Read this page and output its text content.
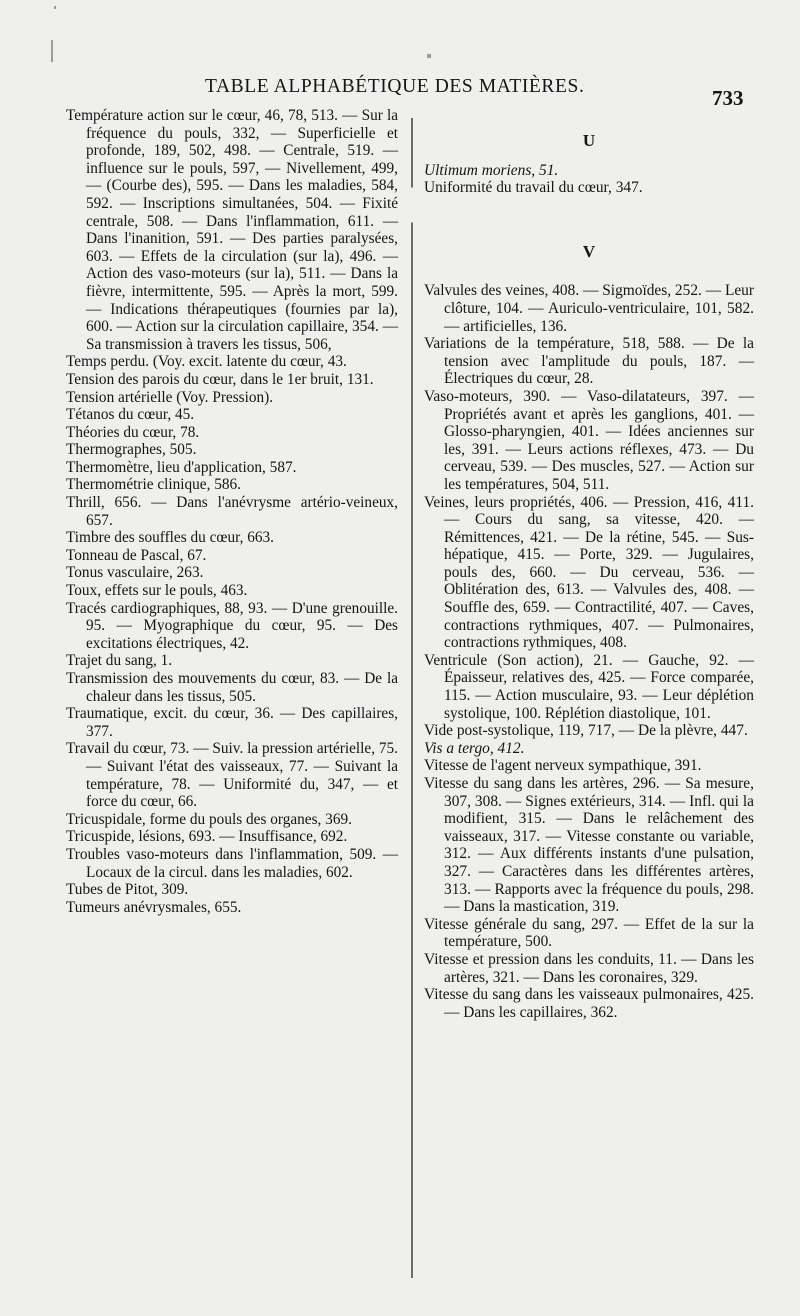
TABLE ALPHABÉTIQUE DES MATIÈRES.	733

Température action sur le cœur, 46, 78, 513. — Sur la fréquence du pouls, 332, — Superficielle et profonde, 189, 502, 498. — Centrale, 519. — influence sur le pouls, 597, — Nivellement, 499, — (Courbe des), 595. — Dans les maladies, 584, 592. — Inscriptions simultanées, 504. — Fixité centrale, 508. — Dans l'inflammation, 611. — Dans l'inanition, 591. — Des parties paralysées, 603. — Effets de la circulation (sur la), 496. — Action des vaso-moteurs (sur la), 511. — Dans la fièvre, intermittente, 595. — Après la mort, 599. — Indications thérapeutiques (fournies par la), 600. — Action sur la circulation capillaire, 354. — Sa transmission à travers les tissus, 506,

Temps perdu. (Voy. excit. latente du cœur, 43.

Tension des parois du cœur, dans le 1er bruit, 131.

Tension artérielle (Voy. Pression).

Tétanos du cœur, 45.

Théories du cœur, 78.

Thermographes, 505.

Thermomètre, lieu d'application, 587.

Thermométrie clinique, 586.

Thrill, 656. — Dans l'anévrysme artério-veineux, 657.

Timbre des souffles du cœur, 663.

Tonneau de Pascal, 67.

Tonus vasculaire, 263.

Toux, effets sur le pouls, 463.

Tracés cardiographiques, 88, 93. — D'une grenouille. 95. — Myographique du cœur, 95. — Des excitations électriques, 42.

Trajet du sang, 1.

Transmission des mouvements du cœur, 83. — De la chaleur dans les tissus, 505.

Traumatique, excit. du cœur, 36. — Des capillaires, 377.

Travail du cœur, 73. — Suiv. la pression artérielle, 75. — Suivant l'état des vaisseaux, 77. — Suivant la température, 78. — Uniformité du, 347, — et force du cœur, 66.

Tricuspidale, forme du pouls des organes, 369.

Tricuspide, lésions, 693. — Insuffisance, 692.

Troubles vaso-moteurs dans l'inflammation, 509. — Locaux de la circul. dans les maladies, 602.

Tubes de Pitot, 309.

Tumeurs anévrysmales, 655.

U

Ultimum moriens, 51.

Uniformité du travail du cœur, 347.

V

Valvules des veines, 408. — Sigmoïdes, 252. — Leur clôture, 104. — Auriculo-ventriculaire, 101, 582. — artificielles, 136.

Variations de la température, 518, 588. — De la tension avec l'amplitude du pouls, 187. — Électriques du cœur, 28.

Vaso-moteurs, 390. — Vaso-dilatateurs, 397. — Propriétés avant et après les ganglions, 401. — Glosso-pharyngien, 401. — Idées anciennes sur les, 391. — Leurs actions réflexes, 473. — Du cerveau, 539. — Des muscles, 527. — Action sur les températures, 504, 511.

Veines, leurs propriétés, 406. — Pression, 416, 411. — Cours du sang, sa vitesse, 420. — Rémittences, 421. — De la rétine, 545. — Sus-hépatique, 415. — Porte, 329. — Jugulaires, pouls des, 660. — Du cerveau, 536. — Oblitération des, 613. — Valvules des, 408. — Souffle des, 659. — Contractilité, 407. — Caves, contractions rythmiques, 407. — Pulmonaires, contractions rythmiques, 408.

Ventricule (Son action), 21. — Gauche, 92. — Épaisseur, relatives des, 425. — Force comparée, 115. — Action musculaire, 93. — Leur déplétion systolique, 100. Réplétion diastolique, 101.

Vide post-systolique, 119, 717, — De la plèvre, 447.

Vis a tergo, 412.

Vitesse de l'agent nerveux sympathique, 391.

Vitesse du sang dans les artères, 296. — Sa mesure, 307, 308. — Signes extérieurs, 314. — Infl. qui la modifient, 315. — Dans le relâchement des vaisseaux, 317. — Vitesse constante ou variable, 312. — Aux différents instants d'une pulsation, 327. — Caractères dans les différentes artères, 313. — Rapports avec la fréquence du pouls, 298. — Dans la mastication, 319.

Vitesse générale du sang, 297. — Effet de la sur la température, 500.

Vitesse et pression dans les conduits, 11. — Dans les artères, 321. — Dans les coronaires, 329.

Vitesse du sang dans les vaisseaux pulmonaires, 425. — Dans les capillaires, 362.
